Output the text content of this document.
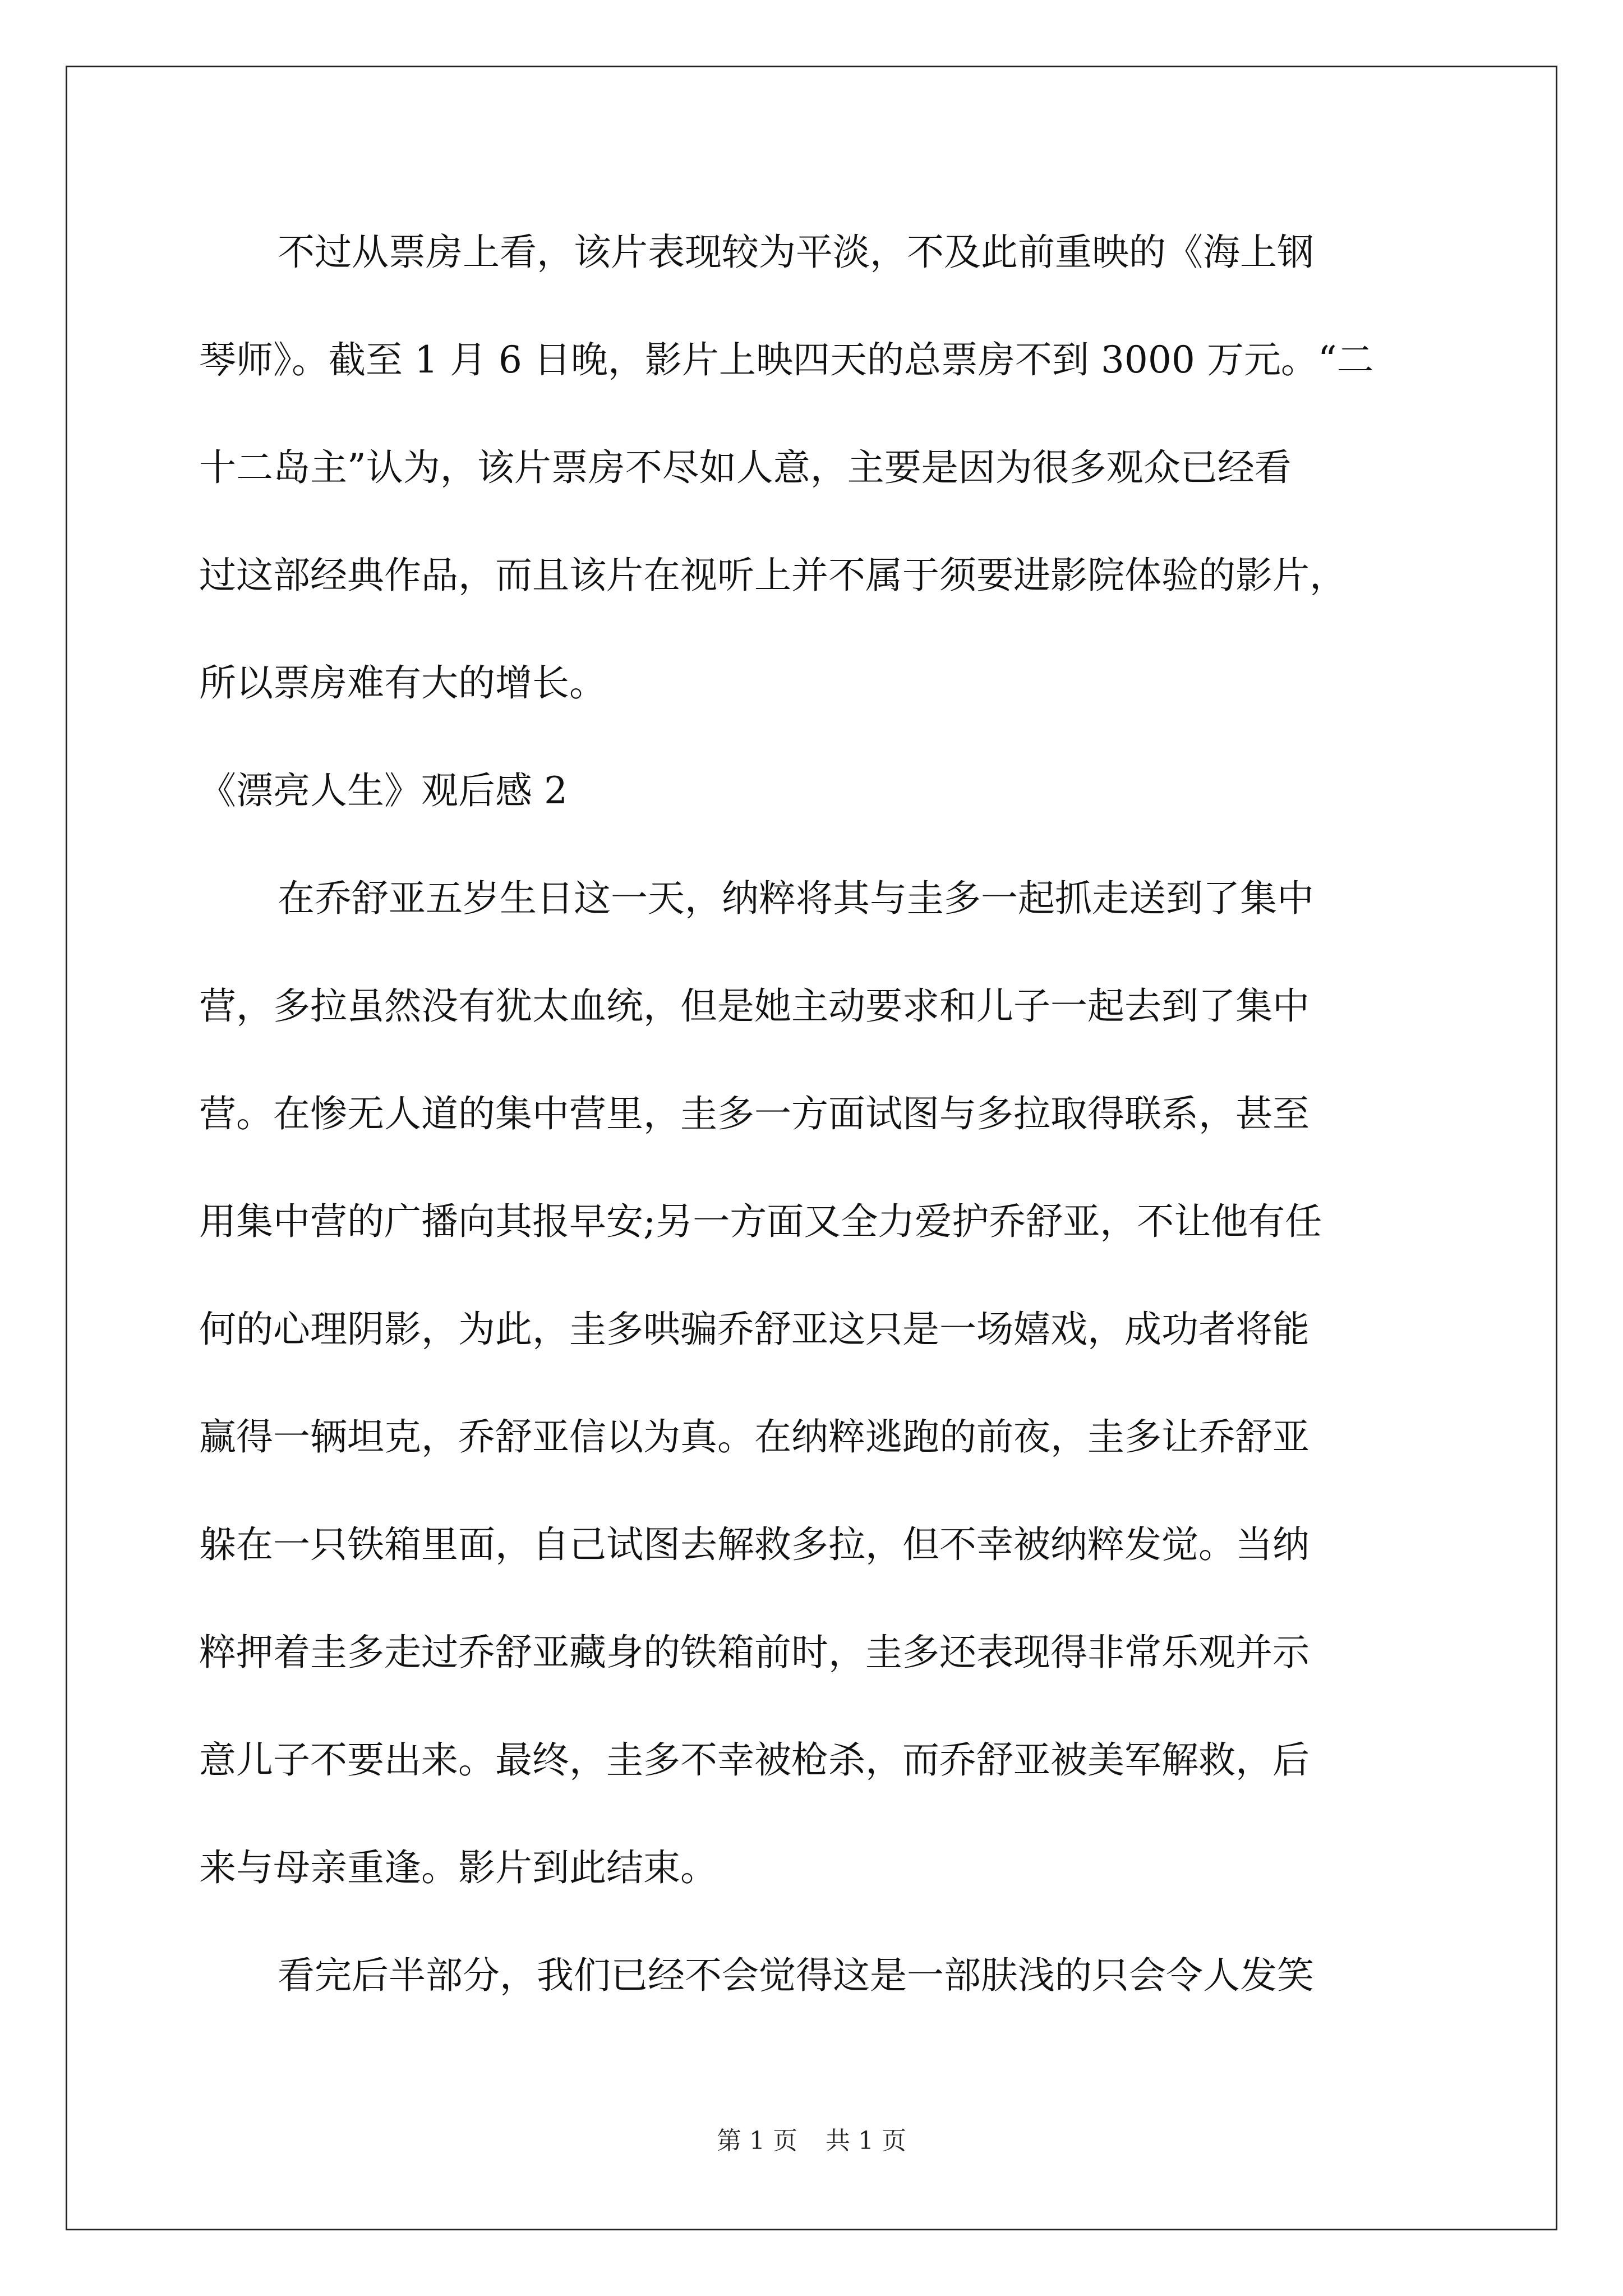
不过从票房上看，该片表现较为平淡，不及此前重映的《海上钢
琴师》。截至 1 月 6 日晚，影片上映四天的总票房不到 3000 万元。“二
十二岛主”认为，该片票房不尽如人意，主要是因为很多观众已经看
过这部经典作品，而且该片在视听上并不属于须要进影院体验的影片，
所以票房难有大的增长。
《漂亮人生》观后感 2
在乔舒亚五岁生日这一天，纳粹将其与圭多一起抓走送到了集中
营，多拉虽然没有犹太血统，但是她主动要求和儿子一起去到了集中
营。在惨无人道的集中营里，圭多一方面试图与多拉取得联系，甚至
用集中营的广播向其报早安;另一方面又全力爱护乔舒亚，不让他有任
何的心理阴影，为此，圭多哄骗乔舒亚这只是一场嬉戏，成功者将能
赢得一辆坦克，乔舒亚信以为真。在纳粹逃跑的前夜，圭多让乔舒亚
躲在一只铁箱里面，自己试图去解救多拉，但不幸被纳粹发觉。当纳
粹押着圭多走过乔舒亚藏身的铁箱前时，圭多还表现得非常乐观并示
意儿子不要出来。最终，圭多不幸被枪杀，而乔舒亚被美军解救，后
来与母亲重逢。影片到此结束。
看完后半部分，我们已经不会觉得这是一部肤浅的只会令人发笑
第 1 页 共 1 页
